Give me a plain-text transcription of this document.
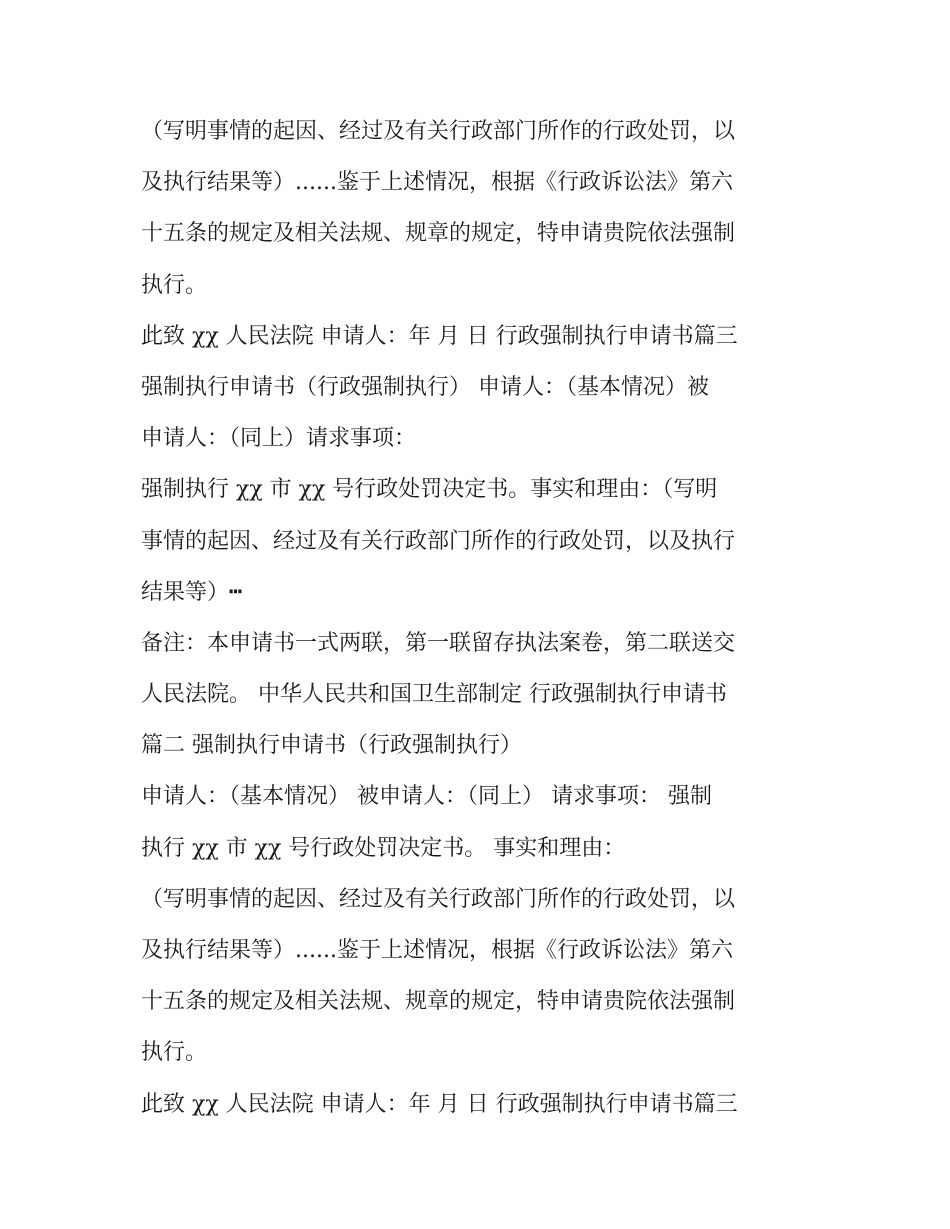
（写明事情的起因、经过及有关行政部门所作的行政处罚，以
及执行结果等）......鉴于上述情况，根据《行政诉讼法》第六
十五条的规定及相关法规、规章的规定，特申请贵院依法强制
执行。
此致 χχ 人民法院 申请人：年 月 日 行政强制执行申请书篇三
强制执行申请书（行政强制执行） 申请人：（基本情况）被
申请人：（同上）请求事项：
强制执行 χχ 市 χχ 号行政处罚决定书。事实和理由：（写明
事情的起因、经过及有关行政部门所作的行政处罚，以及执行
结果等）┅
备注：本申请书一式两联，第一联留存执法案卷，第二联送交
人民法院。 中华人民共和国卫生部制定 行政强制执行申请书
篇二 强制执行申请书（行政强制执行）
申请人：（基本情况） 被申请人：（同上） 请求事项： 强制
执行 χχ 市 χχ 号行政处罚决定书。 事实和理由：
（写明事情的起因、经过及有关行政部门所作的行政处罚，以
及执行结果等）......鉴于上述情况，根据《行政诉讼法》第六
十五条的规定及相关法规、规章的规定，特申请贵院依法强制
执行。
此致 χχ 人民法院 申请人：年 月 日 行政强制执行申请书篇三
